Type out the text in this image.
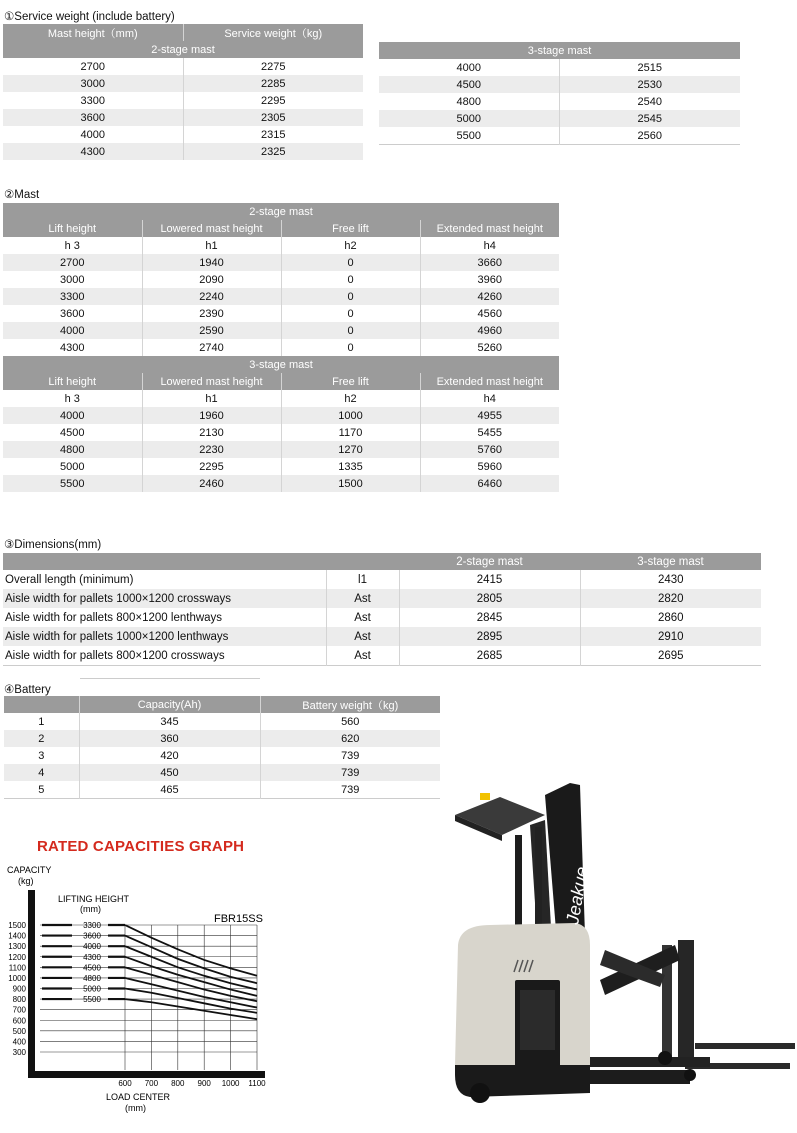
①Service weight (include battery)
Mast height（mm)	Service weight（kg)
2-stage mast	
2700	2275
3000	2285
3300	2295
3600	2305
4000	2315
4300	2325
3-stage mast	
4000	2515
4500	2530
4800	2540
5000	2545
5500	2560
②Mast
2-stage mast			
Lift height	Lowered mast height	Free lift	Extended mast height
h 3	h1	h2	h4
2700	1940	0	3660
3000	2090	0	3960
3300	2240	0	4260
3600	2390	0	4560
4000	2590	0	4960
4300	2740	0	5260
3-stage mast			
Lift height	Lowered mast height	Free lift	Extended mast height
h 3	h1	h2	h4
4000	1960	1000	4955
4500	2130	1170	5455
4800	2230	1270	5760
5000	2295	1335	5960
5500	2460	1500	6460
③Dimensions(mm)
		2-stage mast	3-stage mast
Overall length (minimum)	l1	2415	2430
Aisle width for pallets 1000×1200 crossways	Ast	2805	2820
Aisle width for pallets 800×1200 lenthways	Ast	2845	2860
Aisle width for pallets 1000×1200 lenthways	Ast	2895	2910
Aisle width for pallets 800×1200 crossways	Ast	2685	2695
④Battery
	Capacity(Ah)	Battery weight（kg)
1	345	560
2	360	620
3	420	739
4	450	739
5	465	739
RATED CAPACITIES GRAPH
CAPACITY
(kg)
LIFTING HEIGHT
(mm)
FBR15SS
LOAD CENTER
(mm)
1500
1400
1300
1200
1100
1000
900
800
700
600
500
400
300
600 700 800 900 1000 1100
3300
3600
4000
4300
4500
4800
5000
5500
Jeakue
